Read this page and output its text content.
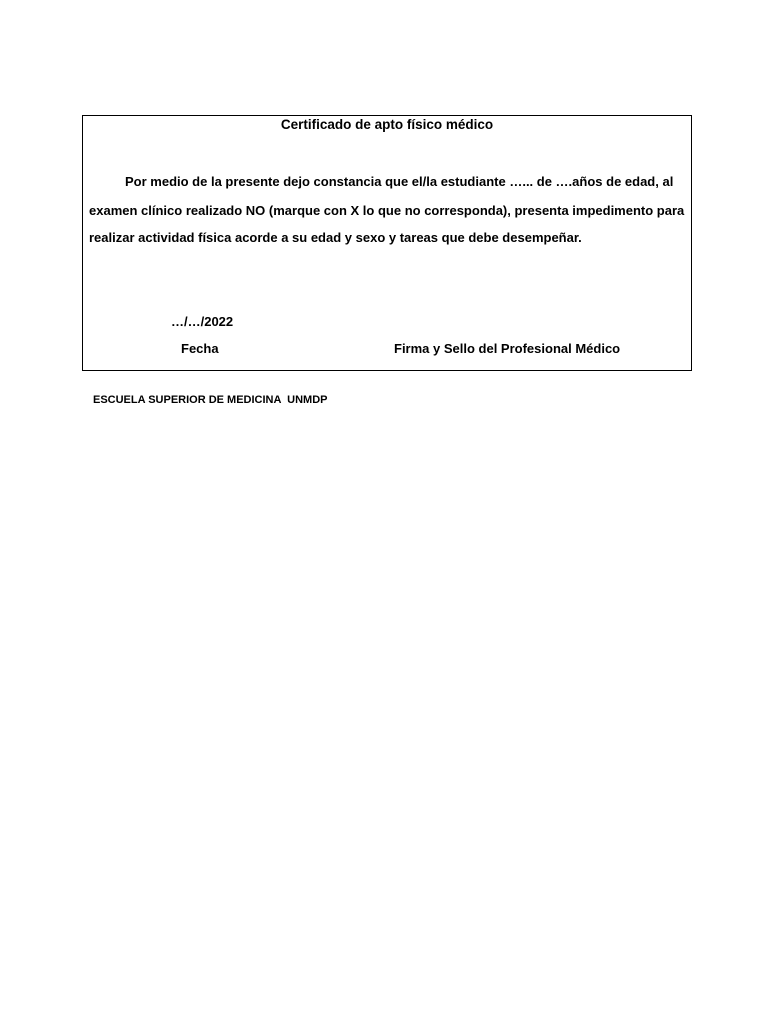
Certificado de apto físico médico
Por medio de la presente dejo constancia que el/la estudiante …... de ….años de edad, al
examen clínico realizado NO (marque con X lo que no corresponda), presenta impedimento para
realizar actividad física acorde a su edad y sexo y tareas que debe desempeñar.
…/…/2022
Fecha	Firma y Sello del Profesional Médico
ESCUELA SUPERIOR DE MEDICINA  UNMDP
